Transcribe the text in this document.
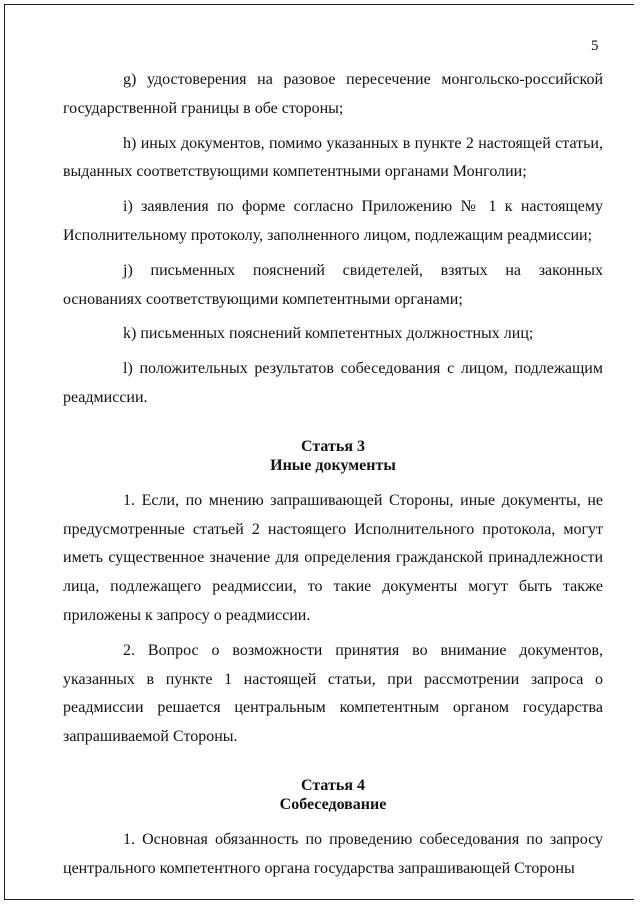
5

g) удостоверения на разовое пересечение монгольско-российской государственной границы в обе стороны;

h) иных документов, помимо указанных в пункте 2 настоящей статьи, выданных соответствующими компетентными органами Монголии;

i) заявления по форме согласно Приложению № 1 к настоящему Исполнительному протоколу, заполненного лицом, подлежащим реадмиссии;

j) письменных пояснений свидетелей, взятых на законных основаниях соответствующими компетентными органами;

k) письменных пояснений компетентных должностных лиц;

l) положительных результатов собеседования с лицом, подлежащим реадмиссии.

Статья 3
Иные документы

1. Если, по мнению запрашивающей Стороны, иные документы, не предусмотренные статьей 2 настоящего Исполнительного протокола, могут иметь существенное значение для определения гражданской принадлежности лица, подлежащего реадмиссии, то такие документы могут быть также приложены к запросу о реадмиссии.

2. Вопрос о возможности принятия во внимание документов, указанных в пункте 1 настоящей статьи, при рассмотрении запроса о реадмиссии решается центральным компетентным органом государства запрашиваемой Стороны.

Статья 4
Собеседование

1. Основная обязанность по проведению собеседования по запросу центрального компетентного органа государства запрашивающей Стороны
